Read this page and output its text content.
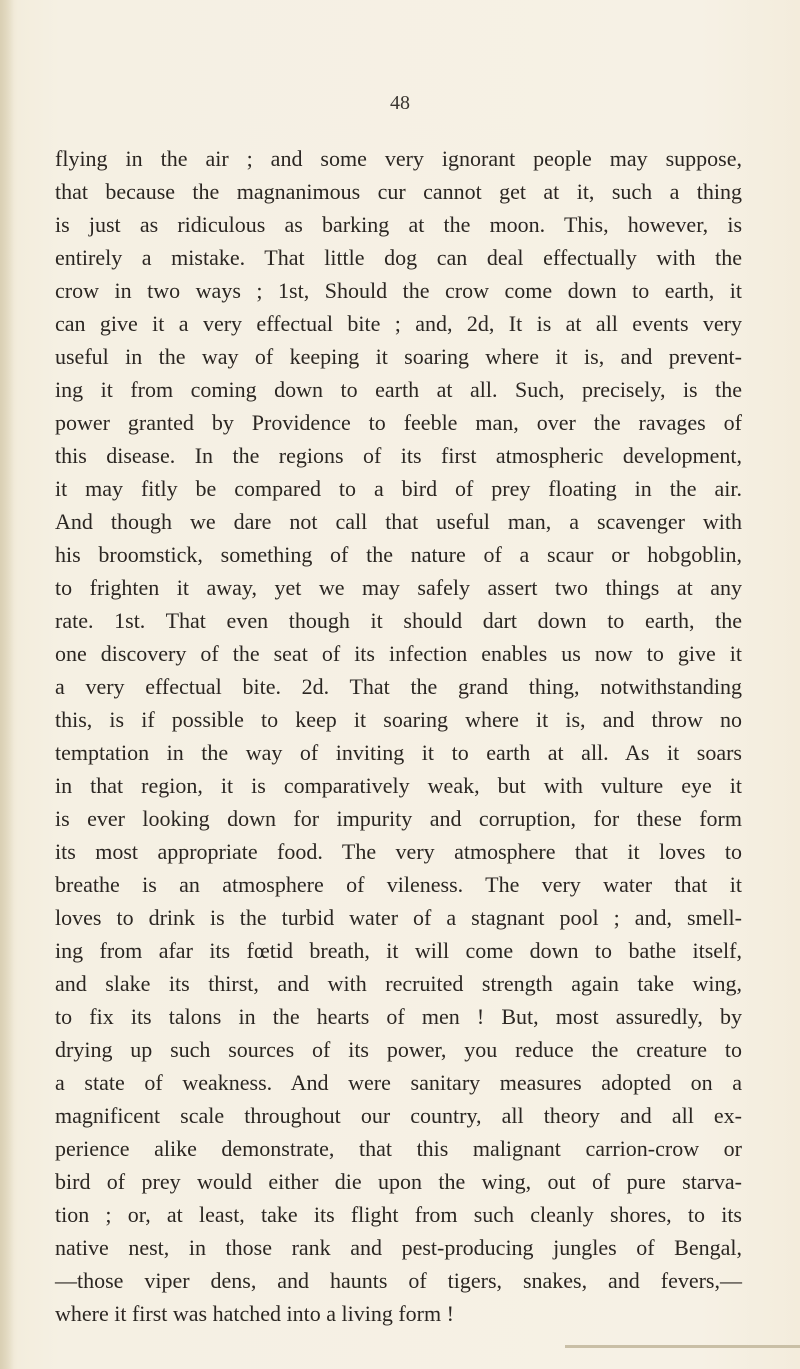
48
flying in the air ; and some very ignorant people may suppose,
that because the magnanimous cur cannot get at it, such a thing
is just as ridiculous as barking at the moon. This, however, is
entirely a mistake. That little dog can deal effectually with the
crow in two ways ; 1st, Should the crow come down to earth, it
can give it a very effectual bite ; and, 2d, It is at all events very
useful in the way of keeping it soaring where it is, and prevent-
ing it from coming down to earth at all. Such, precisely, is the
power granted by Providence to feeble man, over the ravages of
this disease. In the regions of its first atmospheric development,
it may fitly be compared to a bird of prey floating in the air.
And though we dare not call that useful man, a scavenger with
his broomstick, something of the nature of a scaur or hobgoblin,
to frighten it away, yet we may safely assert two things at any
rate. 1st. That even though it should dart down to earth, the
one discovery of the seat of its infection enables us now to give it
a very effectual bite. 2d. That the grand thing, notwithstanding
this, is if possible to keep it soaring where it is, and throw no
temptation in the way of inviting it to earth at all. As it soars
in that region, it is comparatively weak, but with vulture eye it
is ever looking down for impurity and corruption, for these form
its most appropriate food. The very atmosphere that it loves to
breathe is an atmosphere of vileness. The very water that it
loves to drink is the turbid water of a stagnant pool ; and, smell-
ing from afar its fœtid breath, it will come down to bathe itself,
and slake its thirst, and with recruited strength again take wing,
to fix its talons in the hearts of men ! But, most assuredly, by
drying up such sources of its power, you reduce the creature to
a state of weakness. And were sanitary measures adopted on a
magnificent scale throughout our country, all theory and all ex-
perience alike demonstrate, that this malignant carrion-crow or
bird of prey would either die upon the wing, out of pure starva-
tion ; or, at least, take its flight from such cleanly shores, to its
native nest, in those rank and pest-producing jungles of Bengal,
—those viper dens, and haunts of tigers, snakes, and fevers,—
where it first was hatched into a living form !
